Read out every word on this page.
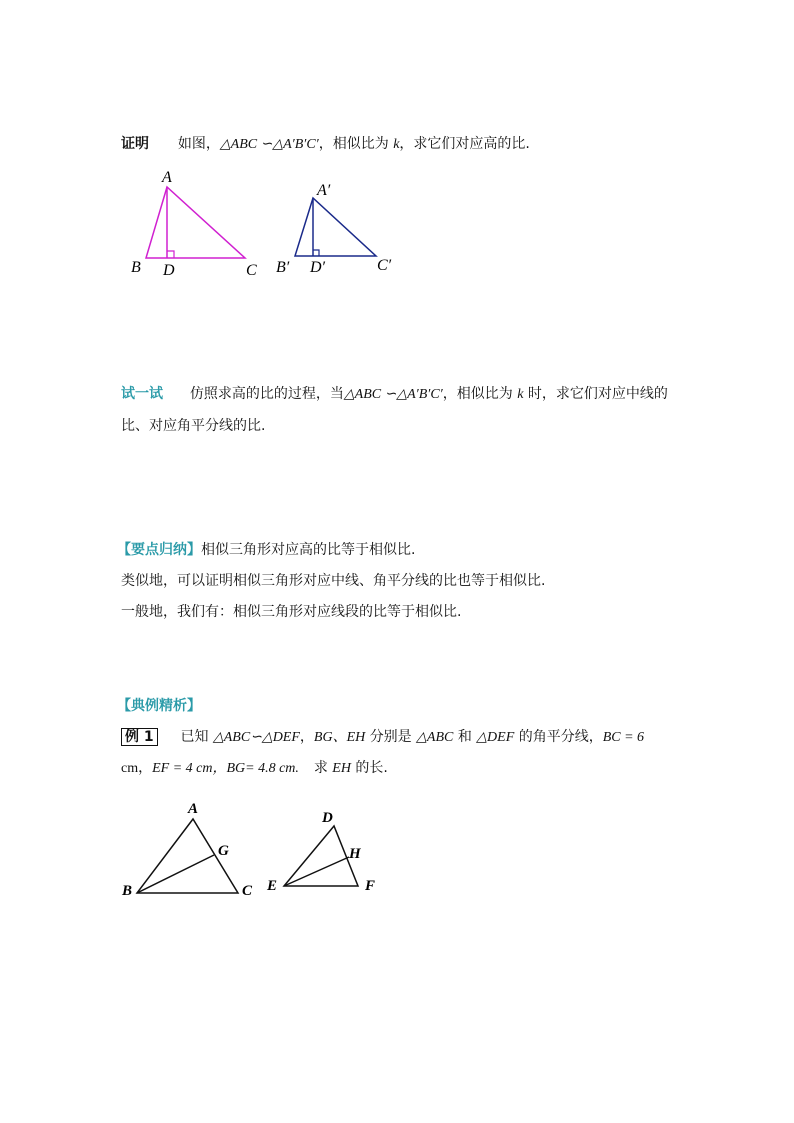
证明 如图，△ABC ∽△A′B′C′，相似比为 k，求它们对应高的比.
A
B D	C
A′
B′ D′	C′
试一试 仿照求高的比的过程，当△ABC ∽△A′B′C′，相似比为 k 时，求它们对应中线的
比、对应角平分线的比.
【要点归纳】相似三角形对应高的比等于相似比.
类似地，可以证明相似三角形对应中线、角平分线的比也等于相似比.
一般地，我们有：相似三角形对应线段的比等于相似比.
【典例精析】
例 1 已知 △ABC∽△DEF，BG、EH 分别是 △ABC 和 △DEF 的角平分线，BC = 6
cm，EF = 4 cm，BG= 4.8 cm. 求 EH 的长.
A
B	C
G
D
E	F
H
